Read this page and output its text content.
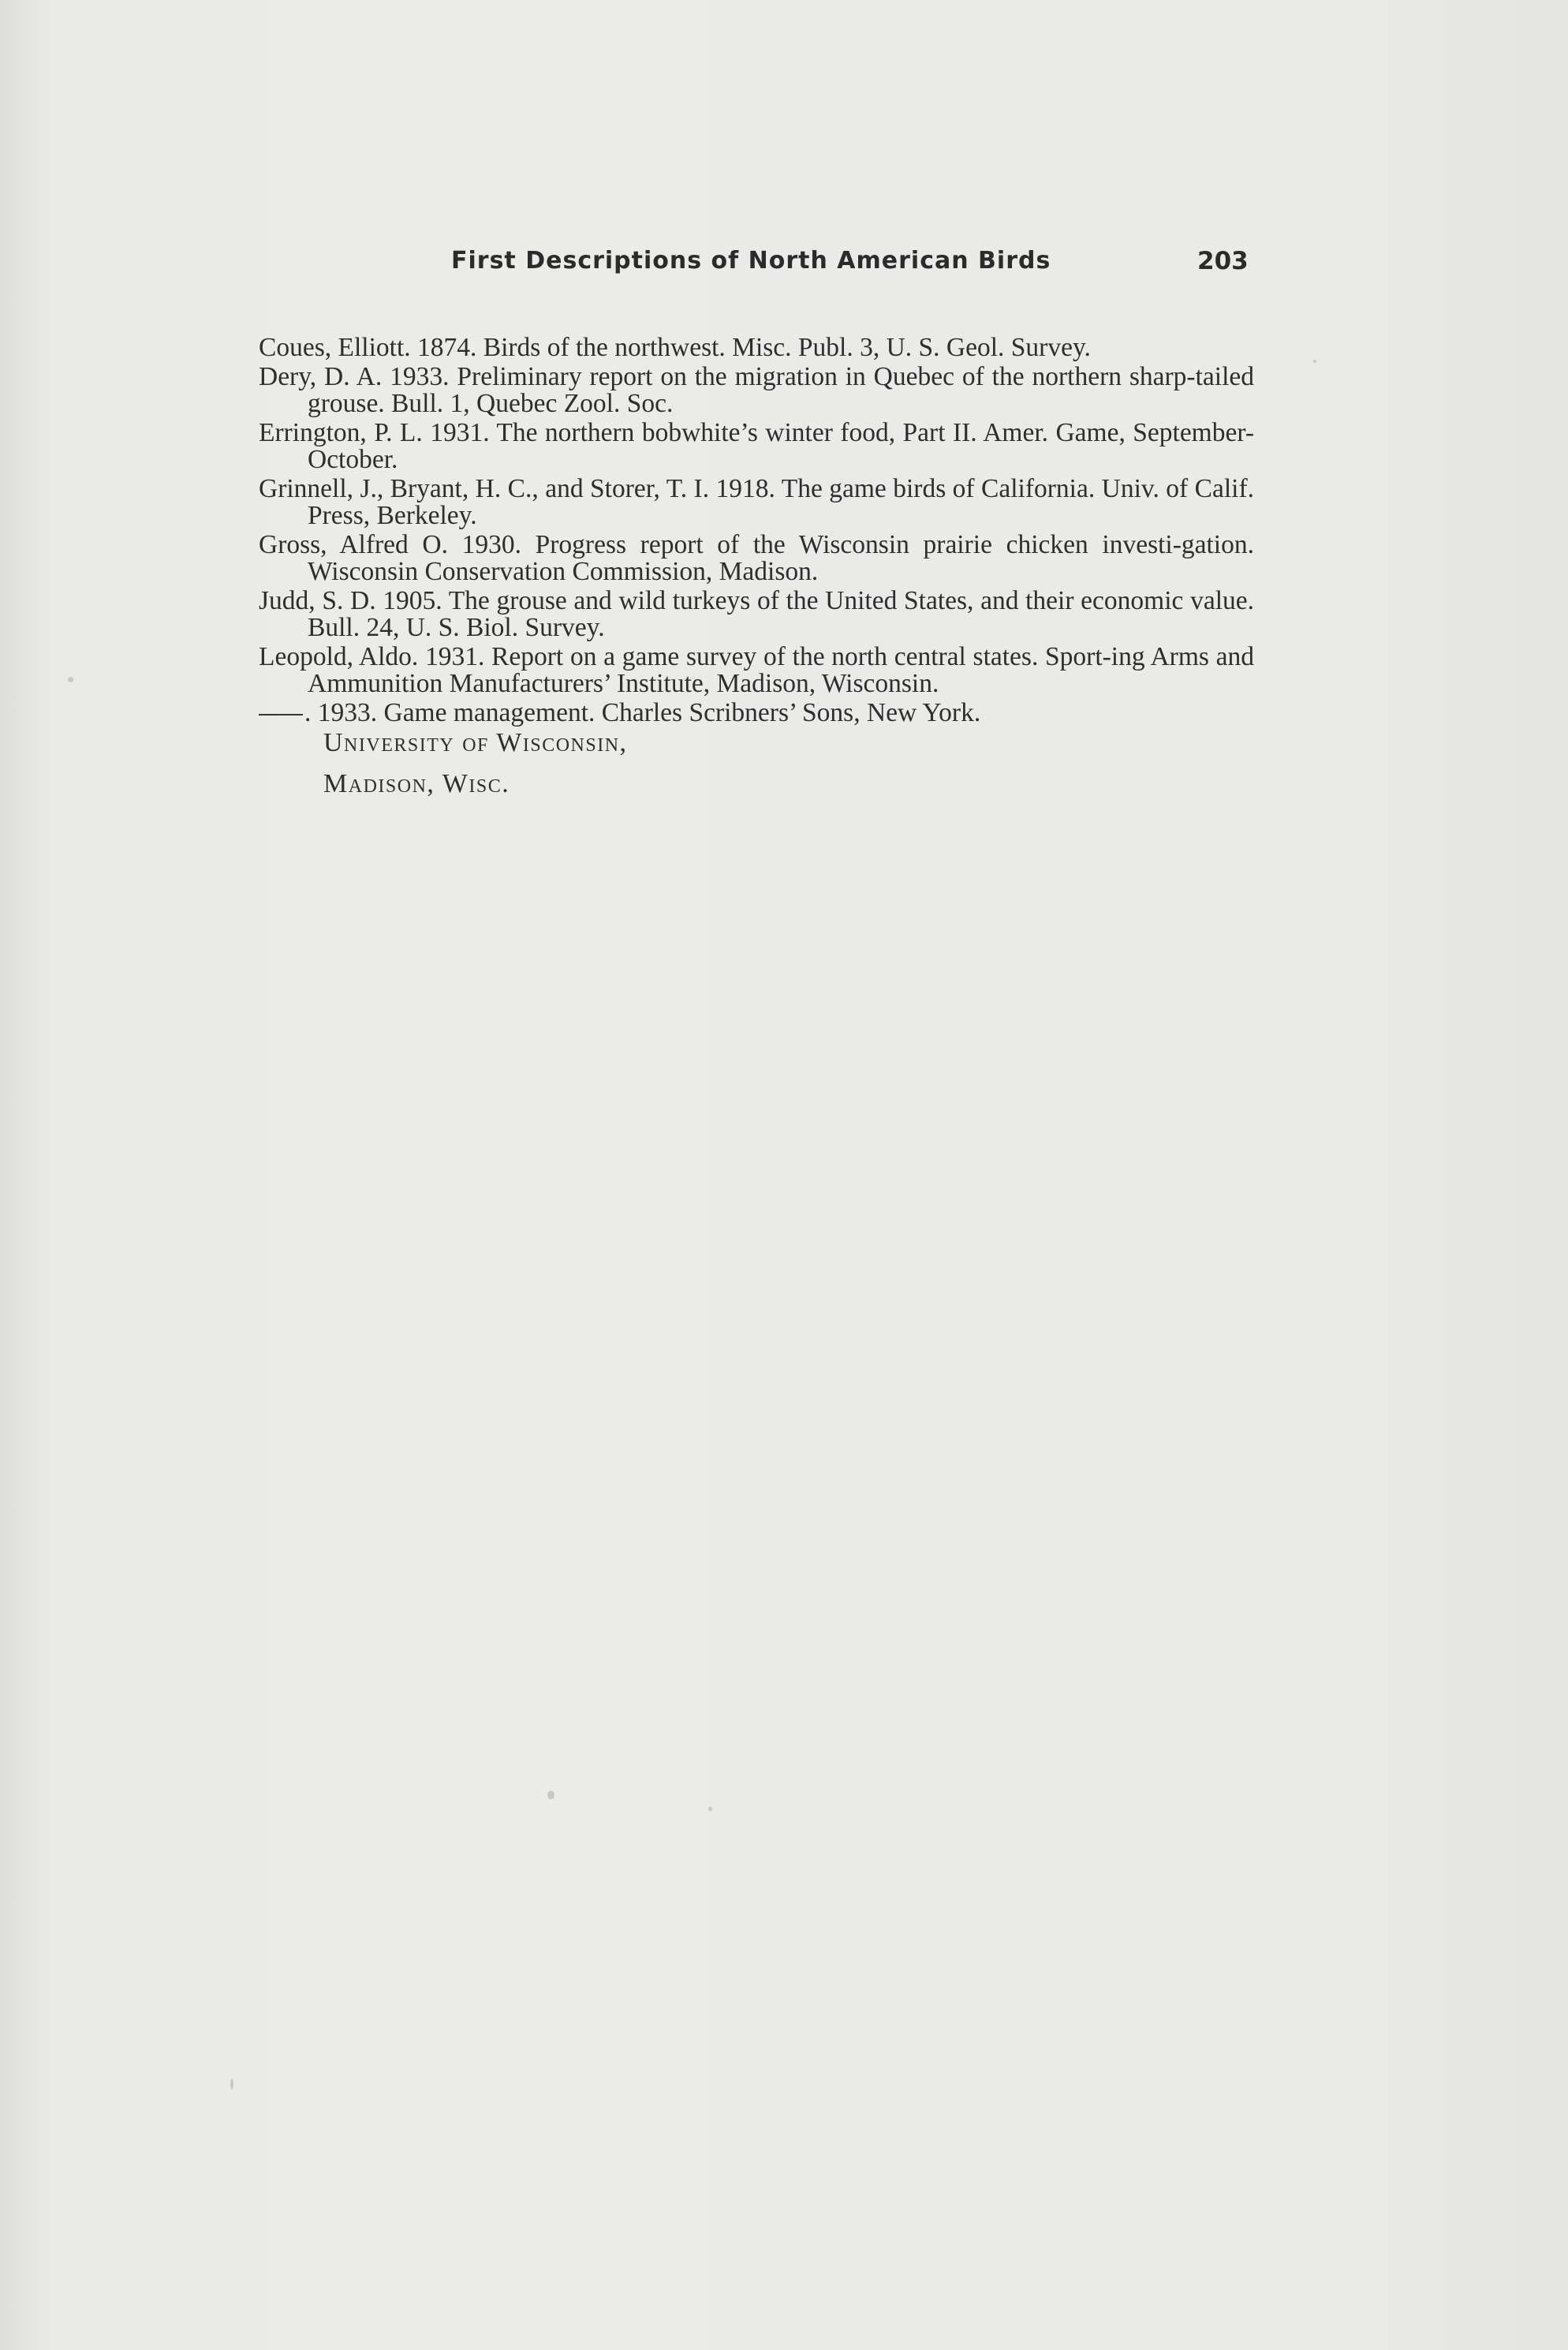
First Descriptions of North American Birds	203
Coues, Elliott. 1874. Birds of the northwest. Misc. Publ. 3, U. S. Geol. Survey.
Dery, D. A. 1933. Preliminary report on the migration in Quebec of the northern sharp-tailed grouse. Bull. 1, Quebec Zool. Soc.
Errington, P. L. 1931. The northern bobwhite’s winter food, Part II. Amer. Game, September-October.
Grinnell, J., Bryant, H. C., and Storer, T. I. 1918. The game birds of California. Univ. of Calif. Press, Berkeley.
Gross, Alfred O. 1930. Progress report of the Wisconsin prairie chicken investi-gation. Wisconsin Conservation Commission, Madison.
Judd, S. D. 1905. The grouse and wild turkeys of the United States, and their economic value. Bull. 24, U. S. Biol. Survey.
Leopold, Aldo. 1931. Report on a game survey of the north central states. Sport-ing Arms and Ammunition Manufacturers’ Institute, Madison, Wisconsin.
. 1933. Game management. Charles Scribners’ Sons, New York.
University of Wisconsin,
Madison, Wisc.
